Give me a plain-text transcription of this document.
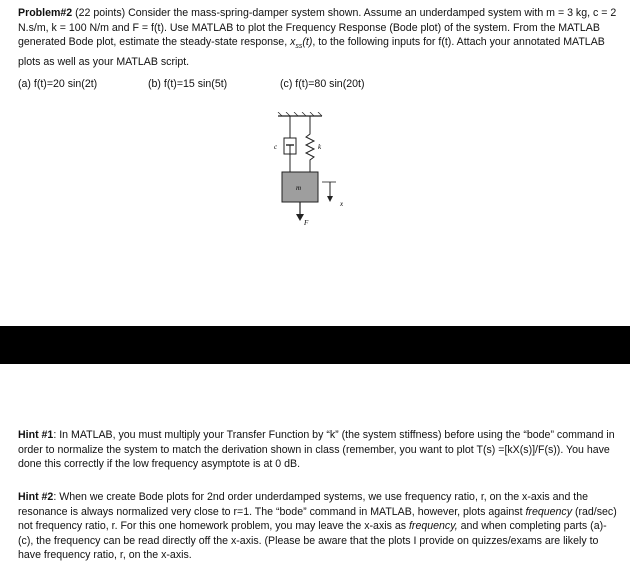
Problem#2 (22 points) Consider the mass-spring-damper system shown. Assume an underdamped system with m = 3 kg, c = 2 N.s/m, k = 100 N/m and F = f(t). Use MATLAB to plot the Frequency Response (Bode plot) of the system. From the MATLAB generated Bode plot, estimate the steady-state response, $x_{ss}(t)$, to the following inputs for f(t). Attach your annotated MATLAB plots as well as your MATLAB script.
(a) f(t)=20 sin(2t)	(b) f(t)=15 sin(5t)	(c) f(t)=80 sin(20t)
c	k
m
x
F
Hint #1: In MATLAB, you must multiply your Transfer Function by “k” (the system stiffness) before using the “bode” command in order to normalize the system to match the derivation shown in class (remember, you want to plot T(s) =[kX(s)]/F(s)). You have done this correctly if the low frequency asymptote is at 0 dB.
Hint #2: When we create Bode plots for 2nd order underdamped systems, we use frequency ratio, r, on the x-axis and the resonance is always normalized very close to r=1. The “bode” command in MATLAB, however, plots against frequency (rad/sec) not frequency ratio, r. For this one homework problem, you may leave the x-axis as frequency, and when completing parts (a)-(c), the frequency can be read directly off the x-axis. (Please be aware that the plots I provide on quizzes/exams are likely to have frequency ratio, r, on the x-axis.
